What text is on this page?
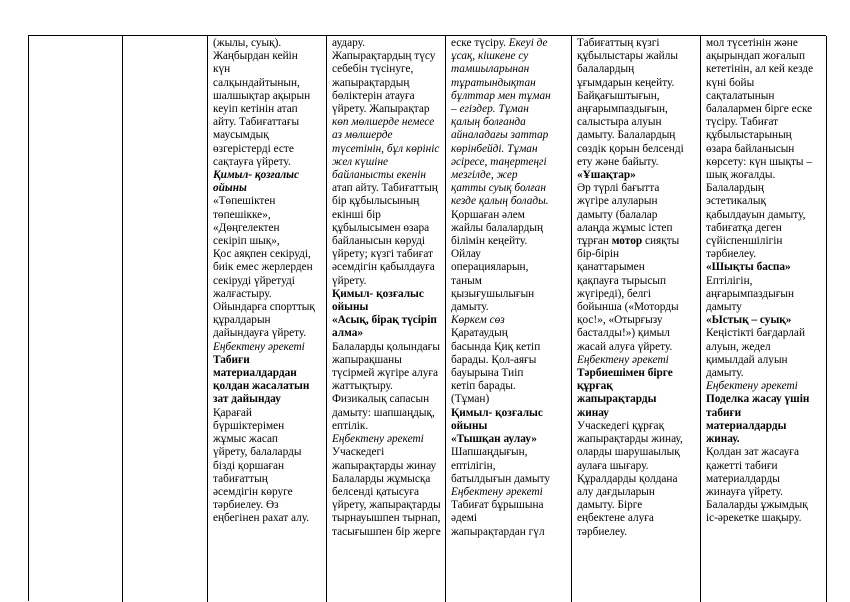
(жылы, суық).

Жаңбырдан кейін

күн

салқындайтынын,

шалшықтар ақырын

кеуіп кетінін атап

айту. Табиғаттағы

маусымдық

өзгерістерді есте

сақтауға үйрету.

Қимыл- қозғалыс

ойыны

«Төпешіктен

төпешікке»,

«Дөңгелектен

секіріп шық»,

Қос аяқпен секіруді,

биік емес жерлерден

секіруді үйретуді

жалғастыру.

Ойындарға спорттық

құралдарын

дайындауға үйрету.

Еңбектену әрекеті

Табиғи

материалдардан

қолдан жасалатын

зат дайындау

Қарағай

бүршіктерімен

жұмыс жасап

үйрету, балаларды

бізді қоршаған

табиғаттың

әсемдігін көруге

тәрбиелеу. Өз

еңбегінен рахат алу.

аудару.

Жапырақтардың түсу

себебін түсінуге,

жапырақтардың

бөліктерін атауға

үйрету. Жапырақтар

көп мөлшерде немесе

аз мөлшерде

түсетінін, бұл көрініс

жел күшіне

байланысты екенін

атап айту. Табиғаттың

бір құбылысының

екінші бір

құбылысымен өзара

байланысын көруді

үйрету; күзгі табиғат

әсемдігін қабылдауға

үйрету.

Қимыл- қозғалыс

ойыны

«Асық, бірақ түсіріп

алма»

Балаларды қолындағы

жапырақшаны

түсірмей жүгіре алуға

жаттықтыру.

Физикалық сапасын

дамыту: шапшаңдық,

ептілік.

Еңбектену әрекеті

Учаскедегі

жапырақтарды жинау

Балаларды жұмысқа

белсенді қатысуға

үйрету, жапырақтарды

тырнауышпен тырнап,

тасығышпен бір жерге

еске түсіру. Екеуі де

ұсақ, кішкене су

тамшыларынан

тұратындықтан

бұлттар мен тұман

– егіздер. Тұман

қалың болғанда

айналадағы заттар

көрінбейді. Тұман

әсіресе, таңертеңгі

мезгілде, жер

қатты суық болған

кезде қалың болады.

Қоршаған әлем

жайлы балалардың

білімін кеңейту.

Ойлау

операцияларын,

таным

қызығушылығын

дамыту.

Көркем сөз

Қаратаудың

басында Қиқ кетіп

барады. Қол-аяғы

бауырына Тиіп

кетіп барады.

(Тұман)

Қимыл- қозғалыс

ойыны

«Тышқан аулау»

Шапшаңдығын,

ептілігін,

батылдығын дамыту

Еңбектену әрекеті

Табиғат бұрышына

әдемі

жапырақтардан гүл

Табиғаттың күзгі

құбылыстары жайлы

балалардың

ұғымдарын кеңейту.

Байқағыштығын,

аңғарымпаздығын,

салыстыра алуын

дамыту. Балалардың

сөздік қорын белсенді

ету және байыту.

«Ұшақтар»

Әр түрлі бағытта

жүгіре алуларын

дамыту (балалар

алаңда жұмыс істеп

тұрған мотор сияқты

бір-бірін

қанаттарымен

қақпауға тырысып

жүгіреді), белгі

бойынша («Моторды

қос!», «Отырғызу

басталды!») қимыл

жасай алуға үйрету.

Еңбектену әрекеті

Тәрбиешімен бірге

құрғақ

жапырақтарды

жинау

Учаскедегі құрғақ

жапырақтарды жинау,

оларды шарушаылық

аулаға шығару.

Құралдарды қолдана

алу дағдыларын

дамыту. Бірге

еңбектене алуға

тәрбиелеу.

мол түсетінін және

ақырындап жоғалып

кететінін, ал кей кезде

күні бойы

сақталатынын

балалармен бірге еске

түсіру. Табиғат

құбылыстарының

өзара байланысын

көрсету: күн шықты –

шық жоғалды.

Балалардың

эстетикалық

қабылдауын дамыту,

табиғатқа деген

сүйіспеншілігін

тәрбиелеу.

«Шықты баспа»

Ептілігін,

аңғарымпаздығын

дамыту

«Ыстық – суық»

Кеңістікті бағдарлай

алуын, жедел

қимылдай алуын

дамыту.

Еңбектену әрекеті

Поделка жасау үшін

табиғи

материалдарды

жинау.

Қолдан зат жасауға

қажетті табиғи

материалдарды

жинауға үйрету.

Балаларды ұжымдық

іс-әрекетке шақыру.
